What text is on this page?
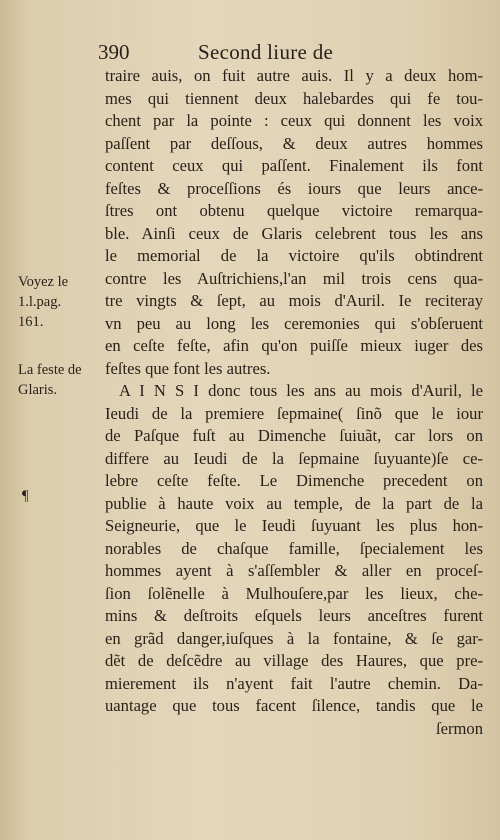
390	Second liure de
Voyez le
1.l.pag.
161.
La feste de
Glaris.
¶
traire auis, on fuit autre auis. Il y a deux hom-
mes qui tiennent deux halebardes qui fe tou-
chent par la pointe : ceux qui donnent les voix
paſſent par deſſous, & deux autres hommes
content ceux qui paſſent. Finalement ils font
feſtes & proceſſions és iours que leurs ance-
ſtres ont obtenu quelque victoire remarqua-
ble. Ainſi ceux de Glaris celebrent tous les ans
le memorial de la victoire qu'ils obtindrent
contre les Auſtrichiens,l'an mil trois cens qua-
tre vingts & ſept, au mois d'Auril. Ie reciteray
vn peu au long les ceremonies qui s'obſeruent
en ceſte feſte, afin qu'on puiſſe mieux iuger des
feſtes que font les autres.
A I N S I donc tous les ans au mois d'Auril, le
Ieudi de la premiere ſepmaine( ſinõ que le iour
de Paſque fuſt au Dimenche ſuiuãt, car lors on
differe au Ieudi de la ſepmaine ſuyuante)ſe ce-
lebre ceſte feſte. Le Dimenche precedent on
publie à haute voix au temple, de la part de la
Seigneurie, que le Ieudi ſuyuant les plus hon-
norables de chaſque famille, ſpecialement les
hommes ayent à s'aſſembler & aller en proceſ-
ſion ſolẽnelle à Mulhouſere,par les lieux, che-
mins & deſtroits eſquels leurs anceſtres furent
en grãd danger,iuſques à la fontaine, & ſe gar-
dẽt de deſcẽdre au village des Haures, que pre-
mierement ils n'ayent fait l'autre chemin. Da-
uantage que tous facent ſilence, tandis que le
ſermon
